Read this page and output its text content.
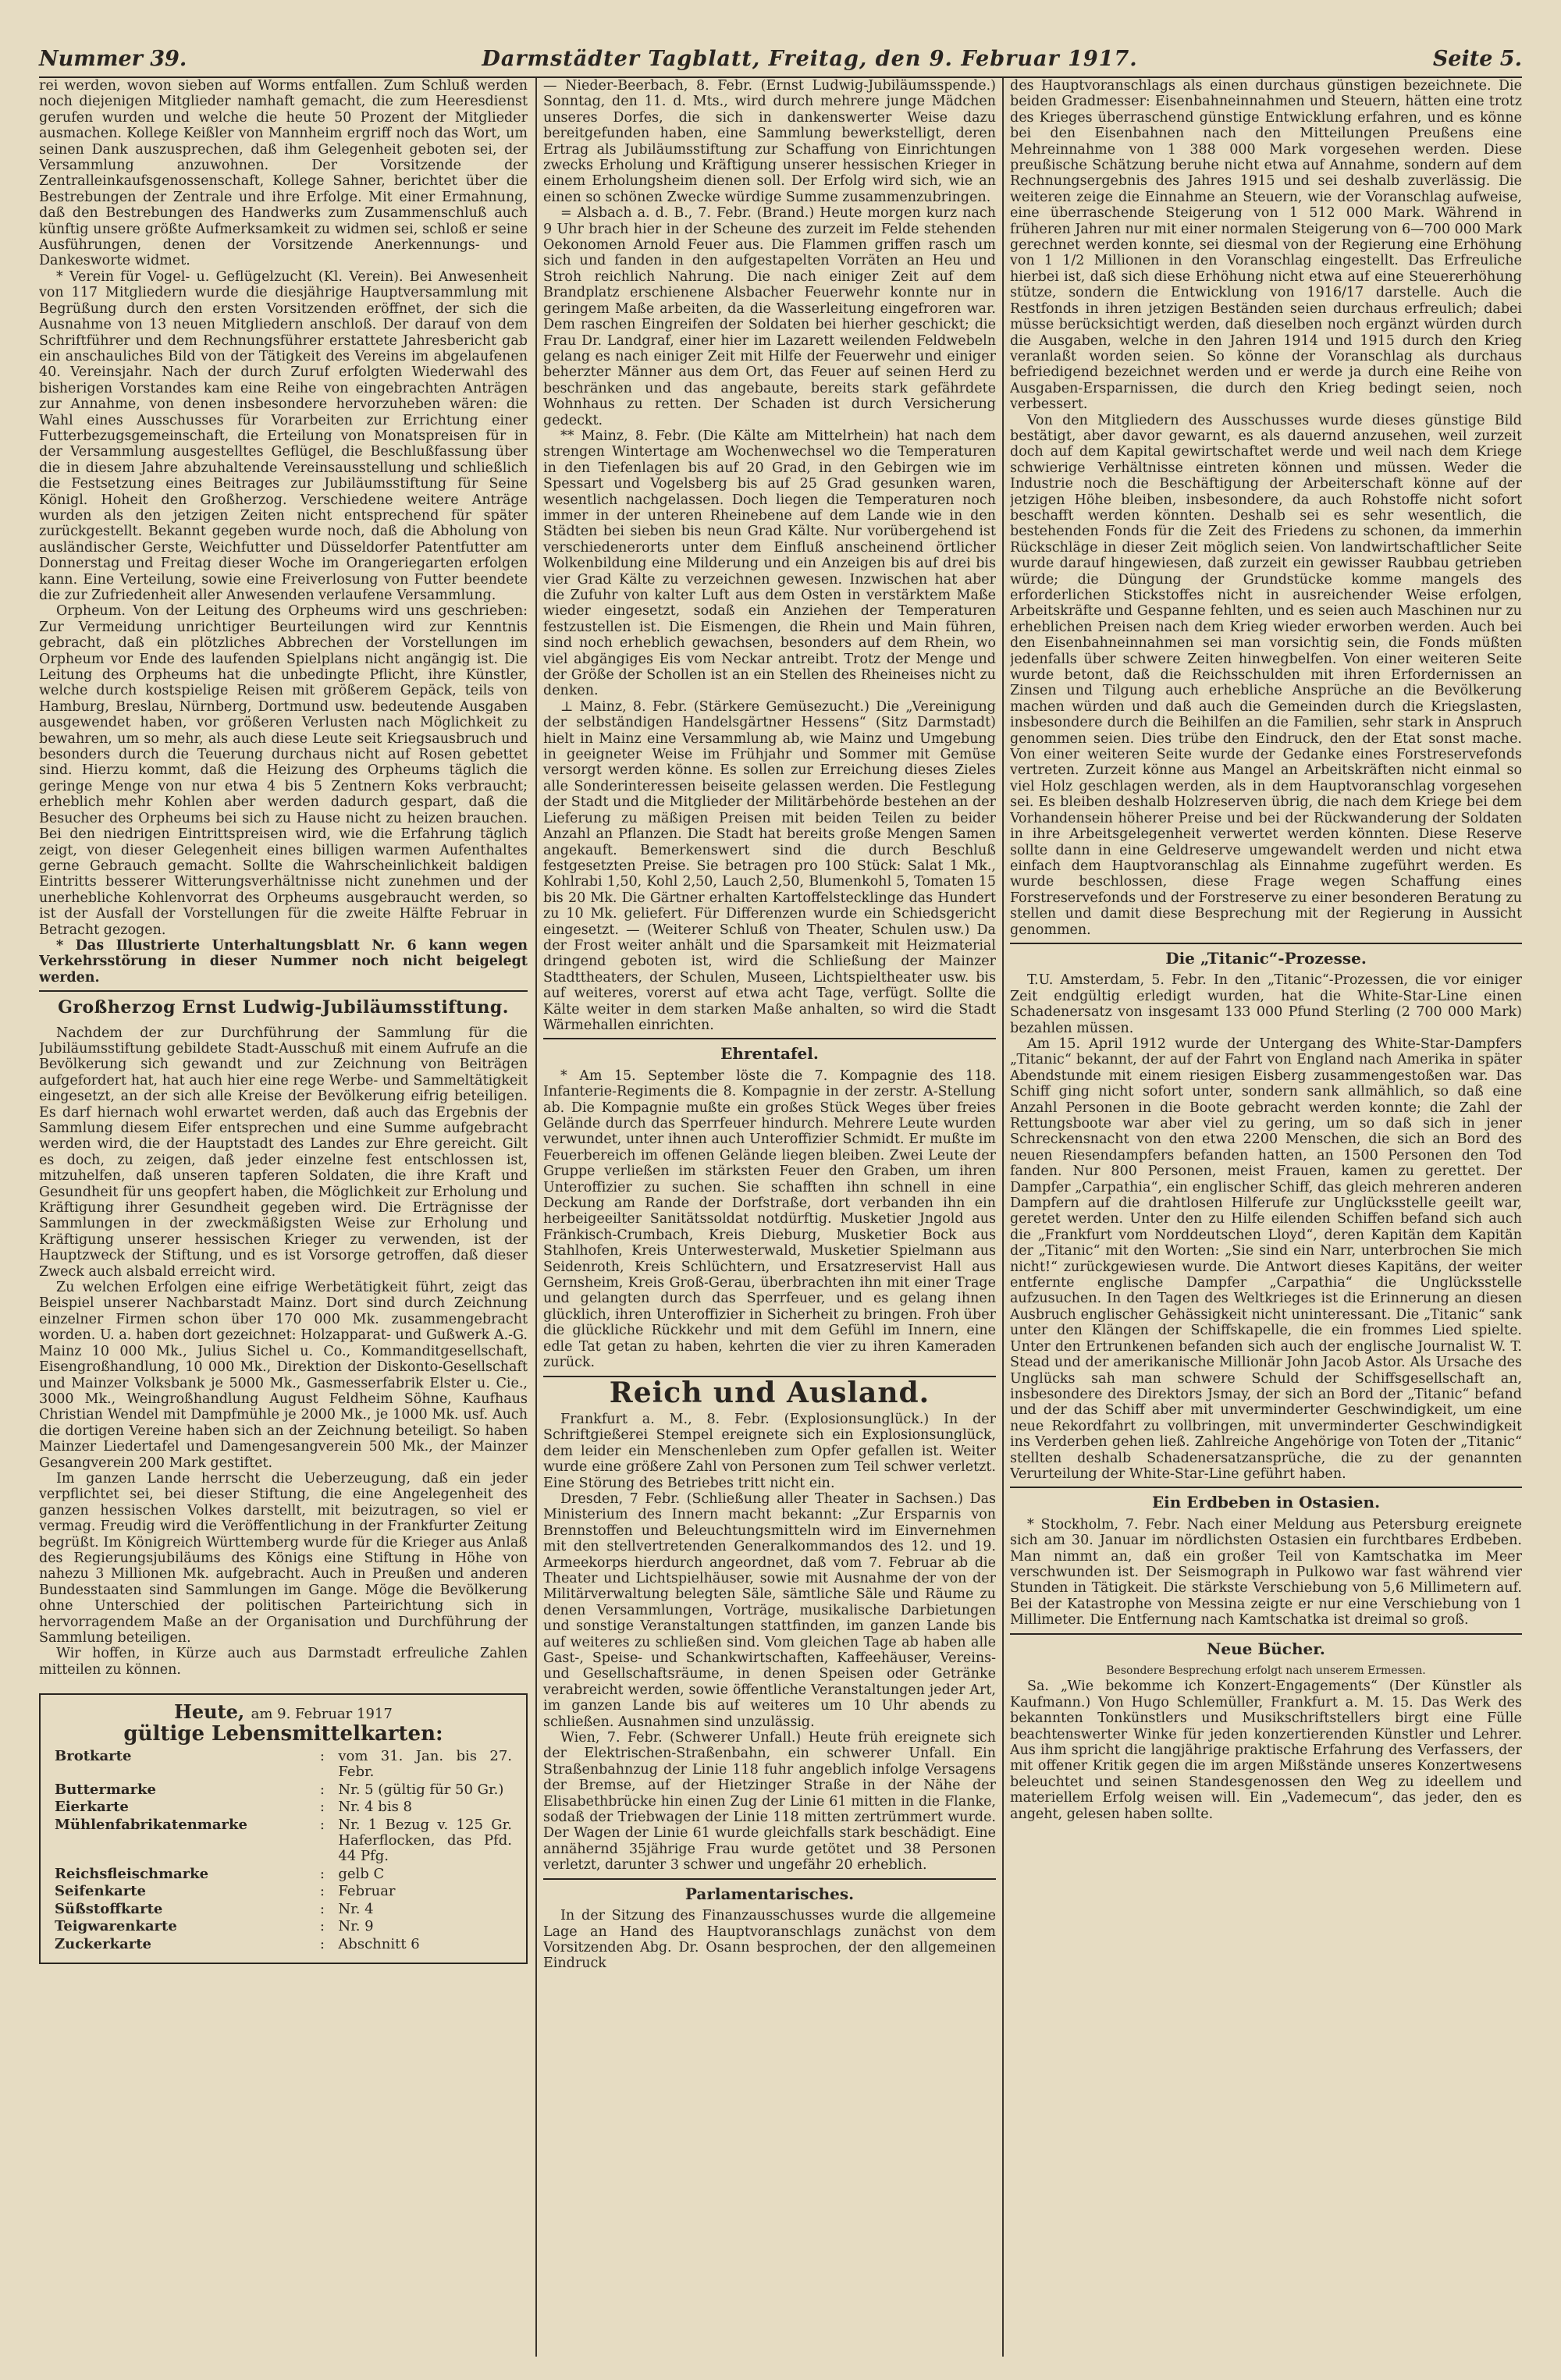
Nummer 39.	Darmstädter Tagblatt, Freitag, den 9. Februar 1917.	Seite 5.

rei werden, wovon sieben auf Worms entfallen. Zum Schluß werden noch diejenigen Mitglieder namhaft gemacht, die zum Heeresdienst gerufen wurden und welche die heute 50 Prozent der Mitglieder ausmachen. Kollege Keißler von Mannheim ergriff noch das Wort, um seinen Dank auszusprechen, daß ihm Gelegenheit geboten sei, der Versammlung anzuwohnen. Der Vorsitzende der Zentralleinkaufsgenossenschaft, Kollege Sahner, berichtet über die Bestrebungen der Zentrale und ihre Erfolge. Mit einer Ermahnung, daß den Bestrebungen des Handwerks zum Zusammenschluß auch künftig unsere größte Aufmerksamkeit zu widmen sei, schloß er seine Ausführungen, denen der Vorsitzende Anerkennungs- und Dankesworte widmet.

* Verein für Vogel- u. Geflügelzucht (Kl. Verein). Bei Anwesenheit von 117 Mitgliedern wurde die diesjährige Hauptversammlung mit Begrüßung durch den ersten Vorsitzenden eröffnet, der sich die Ausnahme von 13 neuen Mitgliedern anschloß. Der darauf von dem Schriftführer und dem Rechnungsführer erstattete Jahresbericht gab ein anschauliches Bild von der Tätigkeit des Vereins im abgelaufenen 40. Vereinsjahr. Nach der durch Zuruf erfolgten Wiederwahl des bisherigen Vorstandes kam eine Reihe von eingebrachten Anträgen zur Annahme, von denen insbesondere hervorzuheben wären: die Wahl eines Ausschusses für Vorarbeiten zur Errichtung einer Futterbezugsgemeinschaft, die Erteilung von Monatspreisen für in der Versammlung ausgestelltes Geflügel, die Beschlußfassung über die in diesem Jahre abzuhaltende Vereinsausstellung und schließlich die Festsetzung eines Beitrages zur Jubiläumsstiftung für Seine Königl. Hoheit den Großherzog. Verschiedene weitere Anträge wurden als den jetzigen Zeiten nicht entsprechend für später zurückgestellt. Bekannt gegeben wurde noch, daß die Abholung von ausländischer Gerste, Weichfutter und Düsseldorfer Patentfutter am Donnerstag und Freitag dieser Woche im Orangeriegarten erfolgen kann. Eine Verteilung, sowie eine Freiverlosung von Futter beendete die zur Zufriedenheit aller Anwesenden verlaufene Versammlung.

Orpheum. Von der Leitung des Orpheums wird uns geschrieben: Zur Vermeidung unrichtiger Beurteilungen wird zur Kenntnis gebracht, daß ein plötzliches Abbrechen der Vorstellungen im Orpheum vor Ende des laufenden Spielplans nicht angängig ist. Die Leitung des Orpheums hat die unbedingte Pflicht, ihre Künstler, welche durch kostspielige Reisen mit größerem Gepäck, teils von Hamburg, Breslau, Nürnberg, Dortmund usw. bedeutende Ausgaben ausgewendet haben, vor größeren Verlusten nach Möglichkeit zu bewahren, um so mehr, als auch diese Leute seit Kriegsausbruch und besonders durch die Teuerung durchaus nicht auf Rosen gebettet sind. Hierzu kommt, daß die Heizung des Orpheums täglich die geringe Menge von nur etwa 4 bis 5 Zentnern Koks verbraucht; erheblich mehr Kohlen aber werden dadurch gespart, daß die Besucher des Orpheums bei sich zu Hause nicht zu heizen brauchen. Bei den niedrigen Eintrittspreisen wird, wie die Erfahrung täglich zeigt, von dieser Gelegenheit eines billigen warmen Aufenthaltes gerne Gebrauch gemacht. Sollte die Wahrscheinlichkeit baldigen Eintritts besserer Witterungsverhältnisse nicht zunehmen und der unerhebliche Kohlenvorrat des Orpheums ausgebraucht werden, so ist der Ausfall der Vorstellungen für die zweite Hälfte Februar in Betracht gezogen.

* Das Illustrierte Unterhaltungsblatt Nr. 6 kann wegen Verkehrsstörung in dieser Nummer noch nicht beigelegt werden.

Großherzog Ernst Ludwig-Jubiläumsstiftung.

Nachdem der zur Durchführung der Sammlung für die Jubiläumsstiftung gebildete Stadt-Ausschuß mit einem Aufrufe an die Bevölkerung sich gewandt und zur Zeichnung von Beiträgen aufgefordert hat, hat auch hier eine rege Werbe- und Sammeltätigkeit eingesetzt, an der sich alle Kreise der Bevölkerung eifrig beteiligen. Es darf hiernach wohl erwartet werden, daß auch das Ergebnis der Sammlung diesem Eifer entsprechen und eine Summe aufgebracht werden wird, die der Hauptstadt des Landes zur Ehre gereicht. Gilt es doch, zu zeigen, daß jeder einzelne fest entschlossen ist, mitzuhelfen, daß unseren tapferen Soldaten, die ihre Kraft und Gesundheit für uns geopfert haben, die Möglichkeit zur Erholung und Kräftigung ihrer Gesundheit gegeben wird. Die Erträgnisse der Sammlungen in der zweckmäßigsten Weise zur Erholung und Kräftigung unserer hessischen Krieger zu verwenden, ist der Hauptzweck der Stiftung, und es ist Vorsorge getroffen, daß dieser Zweck auch alsbald erreicht wird.

Zu welchen Erfolgen eine eifrige Werbetätigkeit führt, zeigt das Beispiel unserer Nachbarstadt Mainz. Dort sind durch Zeichnung einzelner Firmen schon über 170 000 Mk. zusammengebracht worden. U. a. haben dort gezeichnet: Holzapparat- und Gußwerk A.-G. Mainz 10 000 Mk., Julius Sichel u. Co., Kommanditgesellschaft, Eisengroßhandlung, 10 000 Mk., Direktion der Diskonto-Gesellschaft und Mainzer Volksbank je 5000 Mk., Gasmesserfabrik Elster u. Cie., 3000 Mk., Weingroßhandlung August Feldheim Söhne, Kaufhaus Christian Wendel mit Dampfmühle je 2000 Mk., je 1000 Mk. usf. Auch die dortigen Vereine haben sich an der Zeichnung beteiligt. So haben Mainzer Liedertafel und Damengesangverein 500 Mk., der Mainzer Gesangverein 200 Mark gestiftet.

Im ganzen Lande herrscht die Ueberzeugung, daß ein jeder verpflichtet sei, bei dieser Stiftung, die eine Angelegenheit des ganzen hessischen Volkes darstellt, mit beizutragen, so viel er vermag. Freudig wird die Veröffentlichung in der Frankfurter Zeitung begrüßt. Im Königreich Württemberg wurde für die Krieger aus Anlaß des Regierungsjubiläums des Königs eine Stiftung in Höhe von nahezu 3 Millionen Mk. aufgebracht. Auch in Preußen und anderen Bundesstaaten sind Sammlungen im Gange. Möge die Bevölkerung ohne Unterschied der politischen Parteirichtung sich in hervorragendem Maße an der Organisation und Durchführung der Sammlung beteiligen.

Wir hoffen, in Kürze auch aus Darmstadt erfreuliche Zahlen mitteilen zu können.

Heute, am 9. Februar 1917
gültige Lebensmittelkarten:
Brotkarte	:	vom 31. Jan. bis 27. Febr.
Buttermarke	:	Nr. 5 (gültig für 50 Gr.)
Eierkarte	:	Nr. 4 bis 8
Mühlenfabrikatenmarke	:	Nr. 1 Bezug v. 125 Gr. Haferflocken, das Pfd. 44 Pfg.
Reichsfleischmarke	:	gelb C
Seifenkarte	:	Februar
Süßstoffkarte	:	Nr. 4
Teigwarenkarte	:	Nr. 9
Zuckerkarte	:	Abschnitt 6

— Nieder-Beerbach, 8. Febr. (Ernst Ludwig-Jubiläumsspende.) Sonntag, den 11. d. Mts., wird durch mehrere junge Mädchen unseres Dorfes, die sich in dankenswerter Weise dazu bereitgefunden haben, eine Sammlung bewerkstelligt, deren Ertrag als Jubiläumsstiftung zur Schaffung von Einrichtungen zwecks Erholung und Kräftigung unserer hessischen Krieger in einem Erholungsheim dienen soll. Der Erfolg wird sich, wie an einen so schönen Zwecke würdige Summe zusammenzubringen.

= Alsbach a. d. B., 7. Febr. (Brand.) Heute morgen kurz nach 9 Uhr brach hier in der Scheune des zurzeit im Felde stehenden Oekonomen Arnold Feuer aus. Die Flammen griffen rasch um sich und fanden in den aufgestapelten Vorräten an Heu und Stroh reichlich Nahrung. Die nach einiger Zeit auf dem Brandplatz erschienene Alsbacher Feuerwehr konnte nur in geringem Maße arbeiten, da die Wasserleitung eingefroren war. Dem raschen Eingreifen der Soldaten bei hierher geschickt; die Frau Dr. Landgraf, einer hier im Lazarett weilenden Feldwebeln gelang es nach einiger Zeit mit Hilfe der Feuerwehr und einiger beherzter Männer aus dem Ort, das Feuer auf seinen Herd zu beschränken und das angebaute, bereits stark gefährdete Wohnhaus zu retten. Der Schaden ist durch Versicherung gedeckt.

** Mainz, 8. Febr. (Die Kälte am Mittelrhein) hat nach dem strengen Wintertage am Wochenwechsel wo die Temperaturen in den Tiefenlagen bis auf 20 Grad, in den Gebirgen wie im Spessart und Vogelsberg bis auf 25 Grad gesunken waren, wesentlich nachgelassen. Doch liegen die Temperaturen noch immer in der unteren Rheinebene auf dem Lande wie in den Städten bei sieben bis neun Grad Kälte. Nur vorübergehend ist verschiedenerorts unter dem Einfluß anscheinend örtlicher Wolkenbildung eine Milderung und ein Anzeigen bis auf drei bis vier Grad Kälte zu verzeichnen gewesen. Inzwischen hat aber die Zufuhr von kalter Luft aus dem Osten in verstärktem Maße wieder eingesetzt, sodaß ein Anziehen der Temperaturen festzustellen ist. Die Eismengen, die Rhein und Main führen, sind noch erheblich gewachsen, besonders auf dem Rhein, wo viel abgängiges Eis vom Neckar antreibt. Trotz der Menge und der Größe der Schollen ist an ein Stellen des Rheineises nicht zu denken.

⊥ Mainz, 8. Febr. (Stärkere Gemüsezucht.) Die „Vereinigung der selbständigen Handelsgärtner Hessens“ (Sitz Darmstadt) hielt in Mainz eine Versammlung ab, wie Mainz und Umgebung in geeigneter Weise im Frühjahr und Sommer mit Gemüse versorgt werden könne. Es sollen zur Erreichung dieses Zieles alle Sonderinteressen beiseite gelassen werden. Die Festlegung der Stadt und die Mitglieder der Militärbehörde bestehen an der Lieferung zu mäßigen Preisen mit beiden Teilen zu beider Anzahl an Pflanzen. Die Stadt hat bereits große Mengen Samen angekauft. Bemerkenswert sind die durch Beschluß festgesetzten Preise. Sie betragen pro 100 Stück: Salat 1 Mk., Kohlrabi 1,50, Kohl 2,50, Lauch 2,50, Blumenkohl 5, Tomaten 15 bis 20 Mk. Die Gärtner erhalten Kartoffelstecklinge das Hundert zu 10 Mk. geliefert. Für Differenzen wurde ein Schiedsgericht eingesetzt. — (Weiterer Schluß von Theater, Schulen usw.) Da der Frost weiter anhält und die Sparsamkeit mit Heizmaterial dringend geboten ist, wird die Schließung der Mainzer Stadttheaters, der Schulen, Museen, Lichtspieltheater usw. bis auf weiteres, vorerst auf etwa acht Tage, verfügt. Sollte die Kälte weiter in dem starken Maße anhalten, so wird die Stadt Wärmehallen einrichten.

Ehrentafel.

* Am 15. September löste die 7. Kompagnie des 118. Infanterie-Regiments die 8. Kompagnie in der zerstr. A-Stellung ab. Die Kompagnie mußte ein großes Stück Weges über freies Gelände durch das Sperrfeuer hindurch. Mehrere Leute wurden verwundet, unter ihnen auch Unteroffizier Schmidt. Er mußte im Feuerbereich im offenen Gelände liegen bleiben. Zwei Leute der Gruppe verließen im stärksten Feuer den Graben, um ihren Unteroffizier zu suchen. Sie schafften ihn schnell in eine Deckung am Rande der Dorfstraße, dort verbanden ihn ein herbeigeeilter Sanitätssoldat notdürftig. Musketier Jngold aus Fränkisch-Crumbach, Kreis Dieburg, Musketier Bock aus Stahlhofen, Kreis Unterwesterwald, Musketier Spielmann aus Seidenroth, Kreis Schlüchtern, und Ersatzreservist Hall aus Gernsheim, Kreis Groß-Gerau, überbrachten ihn mit einer Trage und gelangten durch das Sperrfeuer, und es gelang ihnen glücklich, ihren Unteroffizier in Sicherheit zu bringen. Froh über die glückliche Rückkehr und mit dem Gefühl im Innern, eine edle Tat getan zu haben, kehrten die vier zu ihren Kameraden zurück.

Reich und Ausland.

Frankfurt a. M., 8. Febr. (Explosionsunglück.) In der Schriftgießerei Stempel ereignete sich ein Explosionsunglück, dem leider ein Menschenleben zum Opfer gefallen ist. Weiter wurde eine größere Zahl von Personen zum Teil schwer verletzt. Eine Störung des Betriebes tritt nicht ein.

Dresden, 7 Febr. (Schließung aller Theater in Sachsen.) Das Ministerium des Innern macht bekannt: „Zur Ersparnis von Brennstoffen und Beleuchtungsmitteln wird im Einvernehmen mit den stellvertretenden Generalkommandos des 12. und 19. Armeekorps hierdurch angeordnet, daß vom 7. Februar ab die Theater und Lichtspielhäuser, sowie mit Ausnahme der von der Militärverwaltung belegten Säle, sämtliche Säle und Räume zu denen Versammlungen, Vorträge, musikalische Darbietungen und sonstige Veranstaltungen stattfinden, im ganzen Lande bis auf weiteres zu schließen sind. Vom gleichen Tage ab haben alle Gast-, Speise- und Schankwirtschaften, Kaffeehäuser, Vereins- und Gesellschaftsräume, in denen Speisen oder Getränke verabreicht werden, sowie öffentliche Veranstaltungen jeder Art, im ganzen Lande bis auf weiteres um 10 Uhr abends zu schließen. Ausnahmen sind unzulässig.

Wien, 7. Febr. (Schwerer Unfall.) Heute früh ereignete sich der Elektrischen-Straßenbahn, ein schwerer Unfall. Ein Straßenbahnzug der Linie 118 fuhr angeblich infolge Versagens der Bremse, auf der Hietzinger Straße in der Nähe der Elisabethbrücke hin einen Zug der Linie 61 mitten in die Flanke, sodaß der Triebwagen der Linie 118 mitten zertrümmert wurde. Der Wagen der Linie 61 wurde gleichfalls stark beschädigt. Eine annähernd 35jährige Frau wurde getötet und 38 Personen verletzt, darunter 3 schwer und ungefähr 20 erheblich.

Parlamentarisches.

In der Sitzung des Finanzausschusses wurde die allgemeine Lage an Hand des Hauptvoranschlags zunächst von dem Vorsitzenden Abg. Dr. Osann besprochen, der den allgemeinen Eindruck

des Hauptvoranschlags als einen durchaus günstigen bezeichnete. Die beiden Gradmesser: Eisenbahneinnahmen und Steuern, hätten eine trotz des Krieges überraschend günstige Entwicklung erfahren, und es könne bei den Eisenbahnen nach den Mitteilungen Preußens eine Mehreinnahme von 1 388 000 Mark vorgesehen werden. Diese preußische Schätzung beruhe nicht etwa auf Annahme, sondern auf dem Rechnungsergebnis des Jahres 1915 und sei deshalb zuverlässig. Die weiteren zeige die Einnahme an Steuern, wie der Voranschlag aufweise, eine überraschende Steigerung von 1 512 000 Mark. Während in früheren Jahren nur mit einer normalen Steigerung von 6—700 000 Mark gerechnet werden konnte, sei diesmal von der Regierung eine Erhöhung von 1 1/2 Millionen in den Voranschlag eingestellt. Das Erfreuliche hierbei ist, daß sich diese Erhöhung nicht etwa auf eine Steuererhöhung stütze, sondern die Entwicklung von 1916/17 darstelle. Auch die Restfonds in ihren jetzigen Beständen seien durchaus erfreulich; dabei müsse berücksichtigt werden, daß dieselben noch ergänzt würden durch die Ausgaben, welche in den Jahren 1914 und 1915 durch den Krieg veranlaßt worden seien. So könne der Voranschlag als durchaus befriedigend bezeichnet werden und er werde ja durch eine Reihe von Ausgaben-Ersparnissen, die durch den Krieg bedingt seien, noch verbessert.

Von den Mitgliedern des Ausschusses wurde dieses günstige Bild bestätigt, aber davor gewarnt, es als dauernd anzusehen, weil zurzeit doch auf dem Kapital gewirtschaftet werde und weil nach dem Kriege schwierige Verhältnisse eintreten können und müssen. Weder die Industrie noch die Beschäftigung der Arbeiterschaft könne auf der jetzigen Höhe bleiben, insbesondere, da auch Rohstoffe nicht sofort beschafft werden könnten. Deshalb sei es sehr wesentlich, die bestehenden Fonds für die Zeit des Friedens zu schonen, da immerhin Rückschläge in dieser Zeit möglich seien. Von landwirtschaftlicher Seite wurde darauf hingewiesen, daß zurzeit ein gewisser Raubbau getrieben würde; die Düngung der Grundstücke komme mangels des erforderlichen Stickstoffes nicht in ausreichender Weise erfolgen, Arbeitskräfte und Gespanne fehlten, und es seien auch Maschinen nur zu erheblichen Preisen nach dem Krieg wieder erworben werden. Auch bei den Eisenbahneinnahmen sei man vorsichtig sein, die Fonds müßten jedenfalls über schwere Zeiten hinwegbelfen. Von einer weiteren Seite wurde betont, daß die Reichsschulden mit ihren Erfordernissen an Zinsen und Tilgung auch erhebliche Ansprüche an die Bevölkerung machen würden und daß auch die Gemeinden durch die Kriegslasten, insbesondere durch die Beihilfen an die Familien, sehr stark in Anspruch genommen seien. Dies trübe den Eindruck, den der Etat sonst mache. Von einer weiteren Seite wurde der Gedanke eines Forstreservefonds vertreten. Zurzeit könne aus Mangel an Arbeitskräften nicht einmal so viel Holz geschlagen werden, als in dem Hauptvoranschlag vorgesehen sei. Es bleiben deshalb Holzreserven übrig, die nach dem Kriege bei dem Vorhandensein höherer Preise und bei der Rückwanderung der Soldaten in ihre Arbeitsgelegenheit verwertet werden könnten. Diese Reserve sollte dann in eine Geldreserve umgewandelt werden und nicht etwa einfach dem Hauptvoranschlag als Einnahme zugeführt werden. Es wurde beschlossen, diese Frage wegen Schaffung eines Forstreservefonds und der Forstreserve zu einer besonderen Beratung zu stellen und damit diese Besprechung mit der Regierung in Aussicht genommen.

Die „Titanic“-Prozesse.

T.U. Amsterdam, 5. Febr. In den „Titanic“-Prozessen, die vor einiger Zeit endgültig erledigt wurden, hat die White-Star-Line einen Schadenersatz von insgesamt 133 000 Pfund Sterling (2 700 000 Mark) bezahlen müssen.

Am 15. April 1912 wurde der Untergang des White-Star-Dampfers „Titanic“ bekannt, der auf der Fahrt von England nach Amerika in später Abendstunde mit einem riesigen Eisberg zusammengestoßen war. Das Schiff ging nicht sofort unter, sondern sank allmählich, so daß eine Anzahl Personen in die Boote gebracht werden konnte; die Zahl der Rettungsboote war aber viel zu gering, um so daß sich in jener Schreckensnacht von den etwa 2200 Menschen, die sich an Bord des neuen Riesendampfers befanden hatten, an 1500 Personen den Tod fanden. Nur 800 Personen, meist Frauen, kamen zu gerettet. Der Dampfer „Carpathia“, ein englischer Schiff, das gleich mehreren anderen Dampfern auf die drahtlosen Hilferufe zur Unglücksstelle geeilt war, geretet werden. Unter den zu Hilfe eilenden Schiffen befand sich auch die „Frankfurt vom Norddeutschen Lloyd“, deren Kapitän dem Kapitän der „Titanic“ mit den Worten: „Sie sind ein Narr, unterbrochen Sie mich nicht!“ zurückgewiesen wurde. Die Antwort dieses Kapitäns, der weiter entfernte englische Dampfer „Carpathia“ die Unglücksstelle aufzusuchen. In den Tagen des Weltkrieges ist die Erinnerung an diesen Ausbruch englischer Gehässigkeit nicht uninteressant. Die „Titanic“ sank unter den Klängen der Schiffskapelle, die ein frommes Lied spielte. Unter den Ertrunkenen befanden sich auch der englische Journalist W. T. Stead und der amerikanische Millionär John Jacob Astor. Als Ursache des Unglücks sah man schwere Schuld der Schiffsgesellschaft an, insbesondere des Direktors Jsmay, der sich an Bord der „Titanic“ befand und der das Schiff aber mit unverminderter Geschwindigkeit, um eine neue Rekordfahrt zu vollbringen, mit unverminderter Geschwindigkeit ins Verderben gehen ließ. Zahlreiche Angehörige von Toten der „Titanic“ stellten deshalb Schadenersatzansprüche, die zu der genannten Verurteilung der White-Star-Line geführt haben.

Ein Erdbeben in Ostasien.

* Stockholm, 7. Febr. Nach einer Meldung aus Petersburg ereignete sich am 30. Januar im nördlichsten Ostasien ein furchtbares Erdbeben. Man nimmt an, daß ein großer Teil von Kamtschatka im Meer verschwunden ist. Der Seismograph in Pulkowo war fast während vier Stunden in Tätigkeit. Die stärkste Verschiebung von 5,6 Millimetern auf. Bei der Katastrophe von Messina zeigte er nur eine Verschiebung von 1 Millimeter. Die Entfernung nach Kamtschatka ist dreimal so groß.

Neue Bücher.

Besondere Besprechung erfolgt nach unserem Ermessen.

Sa. „Wie bekomme ich Konzert-Engagements“ (Der Künstler als Kaufmann.) Von Hugo Schlemüller, Frankfurt a. M. 15. Das Werk des bekannten Tonkünstlers und Musikschriftstellers birgt eine Fülle beachtenswerter Winke für jeden konzertierenden Künstler und Lehrer. Aus ihm spricht die langjährige praktische Erfahrung des Verfassers, der mit offener Kritik gegen die im argen Mißstände unseres Konzertwesens beleuchtet und seinen Standesgenossen den Weg zu ideellem und materiellem Erfolg weisen will. Ein „Vademecum“, das jeder, den es angeht, gelesen haben sollte.
